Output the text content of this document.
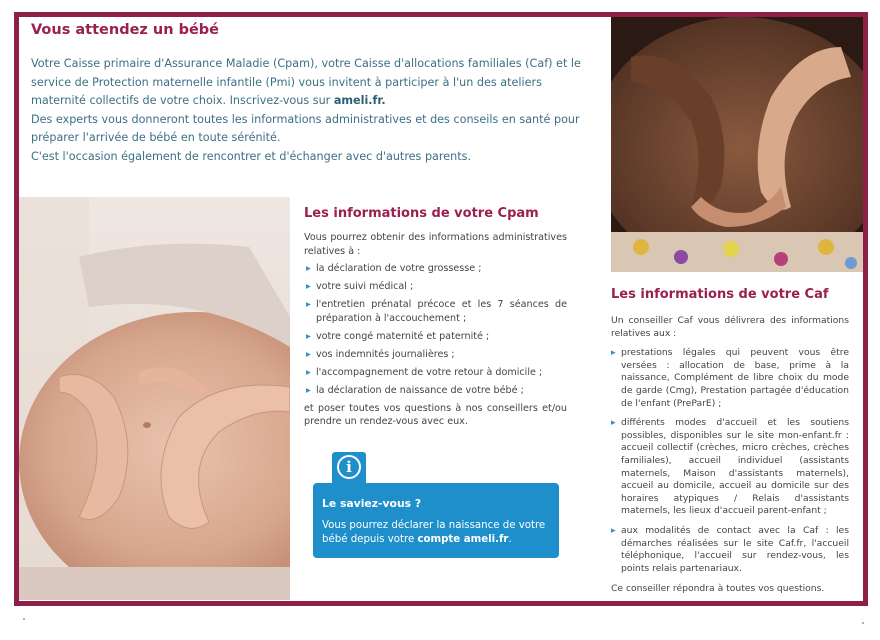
Vous attendez un bébé

Votre Caisse primaire d'Assurance Maladie (Cpam), votre Caisse d'allocations familiales (Caf) et le service de Protection maternelle infantile (Pmi) vous invitent à participer à l'un des ateliers maternité collectifs de votre choix. Inscrivez-vous sur ameli.fr.

Des experts vous donneront toutes les informations administratives et des conseils en santé pour préparer l'arrivée de bébé en toute sérénité.

C'est l'occasion également de rencontrer et d'échanger avec d'autres parents.

Les informations de votre Cpam

Vous pourrez obtenir des informations administratives relatives à :

▸ la déclaration de votre grossesse ;
▸ votre suivi médical ;
▸ l'entretien prénatal précoce et les 7 séances de préparation à l'accouchement ;
▸ votre congé maternité et paternité ;
▸ vos indemnités journalières ;
▸ l'accompagnement de votre retour à domicile ;
▸ la déclaration de naissance de votre bébé ;

et poser toutes vos questions à nos conseillers et/ou prendre un rendez-vous avec eux.

i
Le saviez-vous ?
Vous pourrez déclarer la naissance de votre bébé depuis votre compte ameli.fr.
Les informations de votre Caf

Un conseiller Caf vous délivrera des informations relatives aux :

▸ prestations légales qui peuvent vous être versées : allocation de base, prime à la naissance, Complément de libre choix du mode de garde (Cmg), Prestation partagée d'éducation de l'enfant (PreParE) ;
▸ différents modes d'accueil et les soutiens possibles, disponibles sur le site mon-enfant.fr : accueil collectif (crèches, micro crèches, crèches familiales), accueil individuel (assistants maternels, Maison d'assistants maternels), accueil au domicile, accueil au domicile sur des horaires atypiques / Relais d'assistants maternels, les lieux d'accueil parent-enfant ;
▸ aux modalités de contact avec la Caf : les démarches réalisées sur le site Caf.fr, l'accueil téléphonique, l'accueil sur rendez-vous, les points relais partenariaux.

Ce conseiller répondra à toutes vos questions.
